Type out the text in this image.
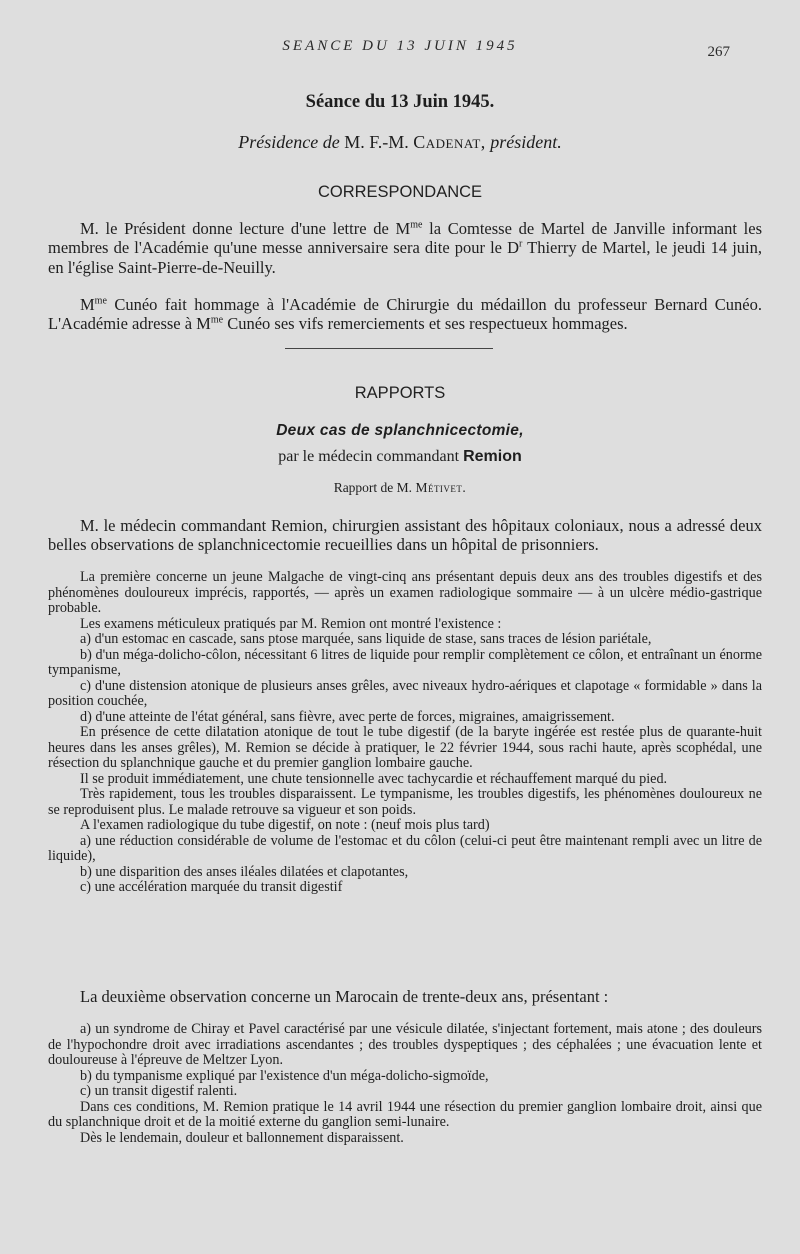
SEANCE DU 13 JUIN 1945	267
Séance du 13 Juin 1945.
Présidence de M. F.-M. Cadenat, président.
CORRESPONDANCE

M. le Président donne lecture d'une lettre de $M^{me}$ la Comtesse de Martel de Janville informant les membres de l'Académie qu'une messe anniversaire sera dite pour le $D^r$ Thierry de Martel, le jeudi 14 juin, en l'église Saint-Pierre-de-Neuilly.

$M^{me}$ Cunéo fait hommage à l'Académie de Chirurgie du médaillon du professeur Bernard Cunéo. L'Académie adresse à $M^{me}$ Cunéo ses vifs remerciements et ses respectueux hommages.

RAPPORTS
Deux cas de splanchnicectomie,
par le médecin commandant Remion
Rapport de M. Métivet.

M. le médecin commandant Remion, chirurgien assistant des hôpitaux coloniaux, nous a adressé deux belles observations de splanchnicectomie recueillies dans un hôpital de prisonniers.

La première concerne un jeune Malgache de vingt-cinq ans présentant depuis deux ans des troubles digestifs et des phénomènes douloureux imprécis, rapportés, — après un examen radiologique sommaire — à un ulcère médio-gastrique probable.

Les examens méticuleux pratiqués par M. Remion ont montré l'existence :

a) d'un estomac en cascade, sans ptose marquée, sans liquide de stase, sans traces de lésion pariétale,

b) d'un méga-dolicho-côlon, nécessitant 6 litres de liquide pour remplir complètement ce côlon, et entraînant un énorme tympanisme,

c) d'une distension atonique de plusieurs anses grêles, avec niveaux hydro-aériques et clapotage « formidable » dans la position couchée,

d) d'une atteinte de l'état général, sans fièvre, avec perte de forces, migraines, amaigrissement.

En présence de cette dilatation atonique de tout le tube digestif (de la baryte ingérée est restée plus de quarante-huit heures dans les anses grêles), M. Remion se décide à pratiquer, le 22 février 1944, sous rachi haute, après scophédal, une résection du splanchnique gauche et du premier ganglion lombaire gauche.

Il se produit immédiatement, une chute tensionnelle avec tachycardie et réchauffement marqué du pied.

Très rapidement, tous les troubles disparaissent. Le tympanisme, les troubles digestifs, les phénomènes douloureux ne se reproduisent plus. Le malade retrouve sa vigueur et son poids.

A l'examen radiologique du tube digestif, on note : (neuf mois plus tard)

a) une réduction considérable de volume de l'estomac et du côlon (celui-ci peut être maintenant rempli avec un litre de liquide),

b) une disparition des anses iléales dilatées et clapotantes,

c) une accélération marquée du transit digestif

La deuxième observation concerne un Marocain de trente-deux ans, présentant :

a) un syndrome de Chiray et Pavel caractérisé par une vésicule dilatée, s'injectant fortement, mais atone ; des douleurs de l'hypochondre droit avec irradiations ascendantes ; des troubles dyspeptiques ; des céphalées ; une évacuation lente et douloureuse à l'épreuve de Meltzer Lyon.

b) du tympanisme expliqué par l'existence d'un méga-dolicho-sigmoïde,

c) un transit digestif ralenti.

Dans ces conditions, M. Remion pratique le 14 avril 1944 une résection du premier ganglion lombaire droit, ainsi que du splanchnique droit et de la moitié externe du ganglion semi-lunaire.

Dès le lendemain, douleur et ballonnement disparaissent.
